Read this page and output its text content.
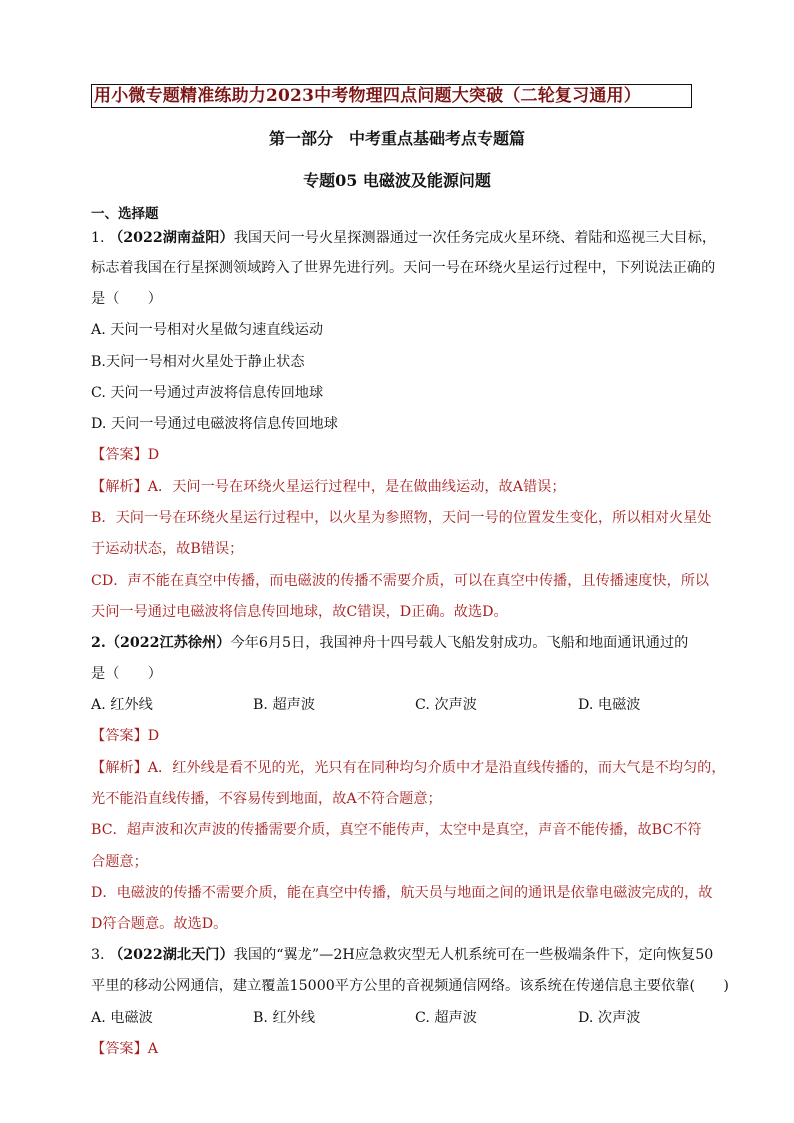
用小微专题精准练助力2023中考物理四点问题大突破（二轮复习通用）
第一部分　中考重点基础考点专题篇
专题05 电磁波及能源问题
一、选择题
1. （2022湖南益阳）我国天问一号火星探测器通过一次任务完成火星环绕、着陆和巡视三大目标，
标志着我国在行星探测领域跨入了世界先进行列。天问一号在环绕火星运行过程中，下列说法正确的
是（　　）
A. 天问一号相对火星做匀速直线运动
B.天问一号相对火星处于静止状态
C. 天问一号通过声波将信息传回地球
D. 天问一号通过电磁波将信息传回地球
【答案】D
【解析】A．天问一号在环绕火星运行过程中，是在做曲线运动，故A错误；
B．天问一号在环绕火星运行过程中，以火星为参照物，天问一号的位置发生变化，所以相对火星处
于运动状态，故B错误；
CD．声不能在真空中传播，而电磁波的传播不需要介质，可以在真空中传播，且传播速度快，所以
天问一号通过电磁波将信息传回地球，故C错误，D正确。故选D。
2.（2022江苏徐州）今年6月5日，我国神舟十四号载人飞船发射成功。飞船和地面通讯通过的
是（　　）
A. 红外线	B. 超声波	C. 次声波	D. 电磁波
【答案】D
【解析】A．红外线是看不见的光，光只有在同种均匀介质中才是沿直线传播的，而大气是不均匀的，
光不能沿直线传播，不容易传到地面，故A不符合题意；
BC．超声波和次声波的传播需要介质，真空不能传声，太空中是真空，声音不能传播，故BC不符
合题意；
D．电磁波的传播不需要介质，能在真空中传播，航天员与地面之间的通讯是依靠电磁波完成的，故
D符合题意。故选D。
3. （2022湖北天门）我国的“翼龙”—2H应急救灾型无人机系统可在一些极端条件下，定向恢复50
平里的移动公网通信，建立覆盖15000平方公里的音视频通信网络。该系统在传递信息主要依靠(　　)
A. 电磁波	B. 红外线	C. 超声波	D. 次声波
【答案】A
